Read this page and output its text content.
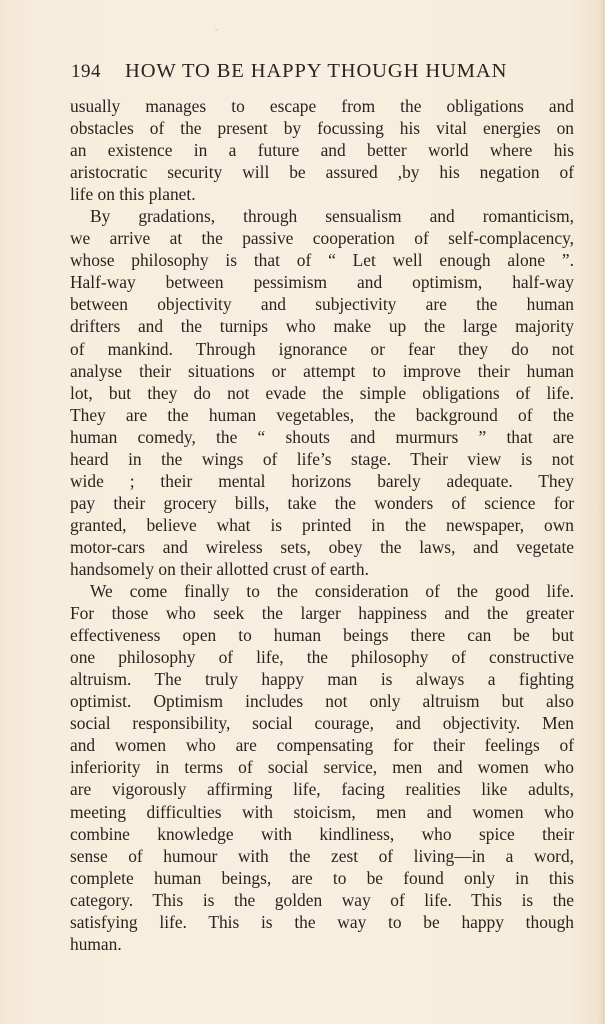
ˇ
194	HOW TO BE HAPPY THOUGH HUMAN
usually manages to escape from the obligations and
obstacles of the present by focussing his vital energies on
an existence in a future and better world where his
aristocratic security will be assured ,by his negation of
life on this planet.
By gradations, through sensualism and romanticism,
we arrive at the passive cooperation of self-complacency,
whose philosophy is that of “ Let well enough alone ”.
Half-way between pessimism and optimism, half-way
between objectivity and subjectivity are the human
drifters and the turnips who make up the large majority
of mankind. Through ignorance or fear they do not
analyse their situations or attempt to improve their human
lot, but they do not evade the simple obligations of life.
They are the human vegetables, the background of the
human comedy, the “ shouts and murmurs ” that are
heard in the wings of life’s stage. Their view is not
wide ; their mental horizons barely adequate. They
pay their grocery bills, take the wonders of science for
granted, believe what is printed in the newspaper, own
motor-cars and wireless sets, obey the laws, and vegetate
handsomely on their allotted crust of earth.
We come finally to the consideration of the good life.
For those who seek the larger happiness and the greater
effectiveness open to human beings there can be but
one philosophy of life, the philosophy of constructive
altruism. The truly happy man is always a fighting
optimist. Optimism includes not only altruism but also
social responsibility, social courage, and objectivity. Men
and women who are compensating for their feelings of
inferiority in terms of social service, men and women who
are vigorously affirming life, facing realities like adults,
meeting difficulties with stoicism, men and women who
combine knowledge with kindliness, who spice their
sense of humour with the zest of living—in a word,
complete human beings, are to be found only in this
category. This is the golden way of life. This is the
satisfying life. This is the way to be happy though
human.
